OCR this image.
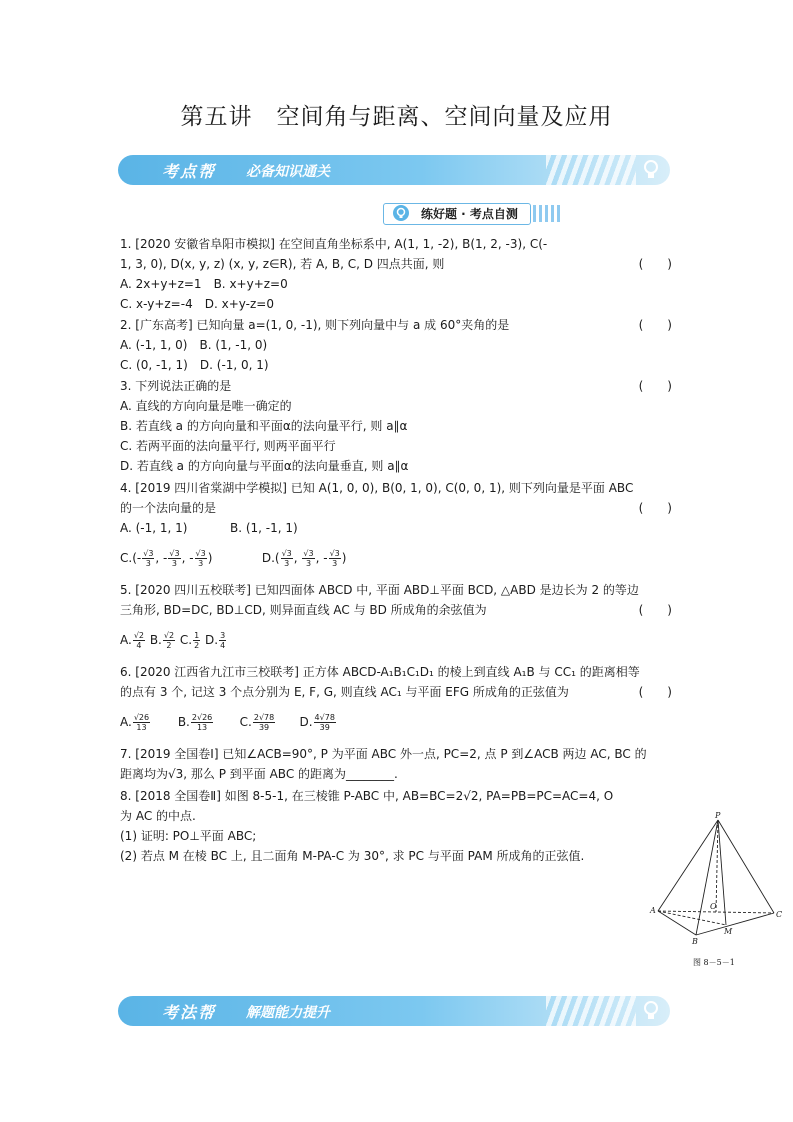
第五讲　空间角与距离、空间向量及应用
考点帮 必备知识通关
练好题 · 考点自测
1. [2020 安徽省阜阳市模拟] 在空间直角坐标系中, A(1, 1, -2), B(1, 2, -3), C(-
1, 3, 0), D(x, y, z) (x, y, z∈R), 若 A, B, C, D 四点共面, 则	(　　)
A. 2x+y+z=1　 B. x+y+z=0
C. x-y+z=-4　 D. x+y-z=0
2. [广东高考] 已知向量 a=(1, 0, -1), 则下列向量中与 a 成 60°夹角的是	(　　)
A. (-1, 1, 0)　 B. (1, -1, 0)
C. (0, -1, 1)　 D. (-1, 0, 1)
3. 下列说法正确的是	(　　)
A. 直线的方向向量是唯一确定的
B. 若直线 a 的方向向量和平面α的法向量平行, 则 a∥α
C. 若两平面的法向量平行, 则两平面平行
D. 若直线 a 的方向向量与平面α的法向量垂直, 则 a∥α
4. [2019 四川省棠湖中学模拟] 已知 A(1, 0, 0), B(0, 1, 0), C(0, 0, 1), 则下列向量是平面 ABC
的一个法向量的是	(　　)
A. (-1, 1, 1)	B. (1, -1, 1)
$C.(- \frac{√3}{3}$ , - $\frac{√3}{3}$ , - $\frac{√3}{3}$ )	$D.( \frac{√3}{3}$ , $\frac{√3}{3}$ , - $\frac{√3}{3}$ )
5. [2020 四川五校联考] 已知四面体 ABCD 中, 平面 ABD⊥平面 BCD, △ABD 是边长为 2 的等边
三角形, BD=DC, BD⊥CD, 则异面直线 AC 与 BD 所成角的余弦值为	(　　)
A. $\frac{√2}{4} B$. $\frac{√2}{2} C$. $\frac{1}{2} D$. $\frac{3}{4}$
6. [2020 江西省九江市三校联考] 正方体 ABCD-A₁B₁C₁D₁ 的棱上到直线 A₁B 与 CC₁ 的距离相等
的点有 3 个, 记这 3 个点分别为 E, F, G, 则直线 AC₁ 与平面 EFG 所成角的正弦值为	(　　)
A. $\frac{√26}{13} B$. $\frac{2√26}{13} C$. $\frac{2√78}{39} D$. $\frac{4√78}{39}$
7. [2019 全国卷Ⅰ] 已知∠ACB=90°, P 为平面 ABC 外一点, PC=2, 点 P 到∠ACB 两边 AC, BC 的
距离均为√3, 那么 P 到平面 ABC 的距离为________.
8. [2018 全国卷Ⅱ] 如图 8-5-1, 在三棱锥 P-ABC 中, AB=BC=2√2, PA=PB=PC=AC=4, O
为 AC 的中点.
(1) 证明: PO⊥平面 ABC;
(2) 若点 M 在棱 BC 上, 且二面角 M-PA-C 为 30°, 求 PC 与平面 PAM 所成角的正弦值.
P
A
B
C
O
M
图 8－5－1
考法帮 解题能力提升
